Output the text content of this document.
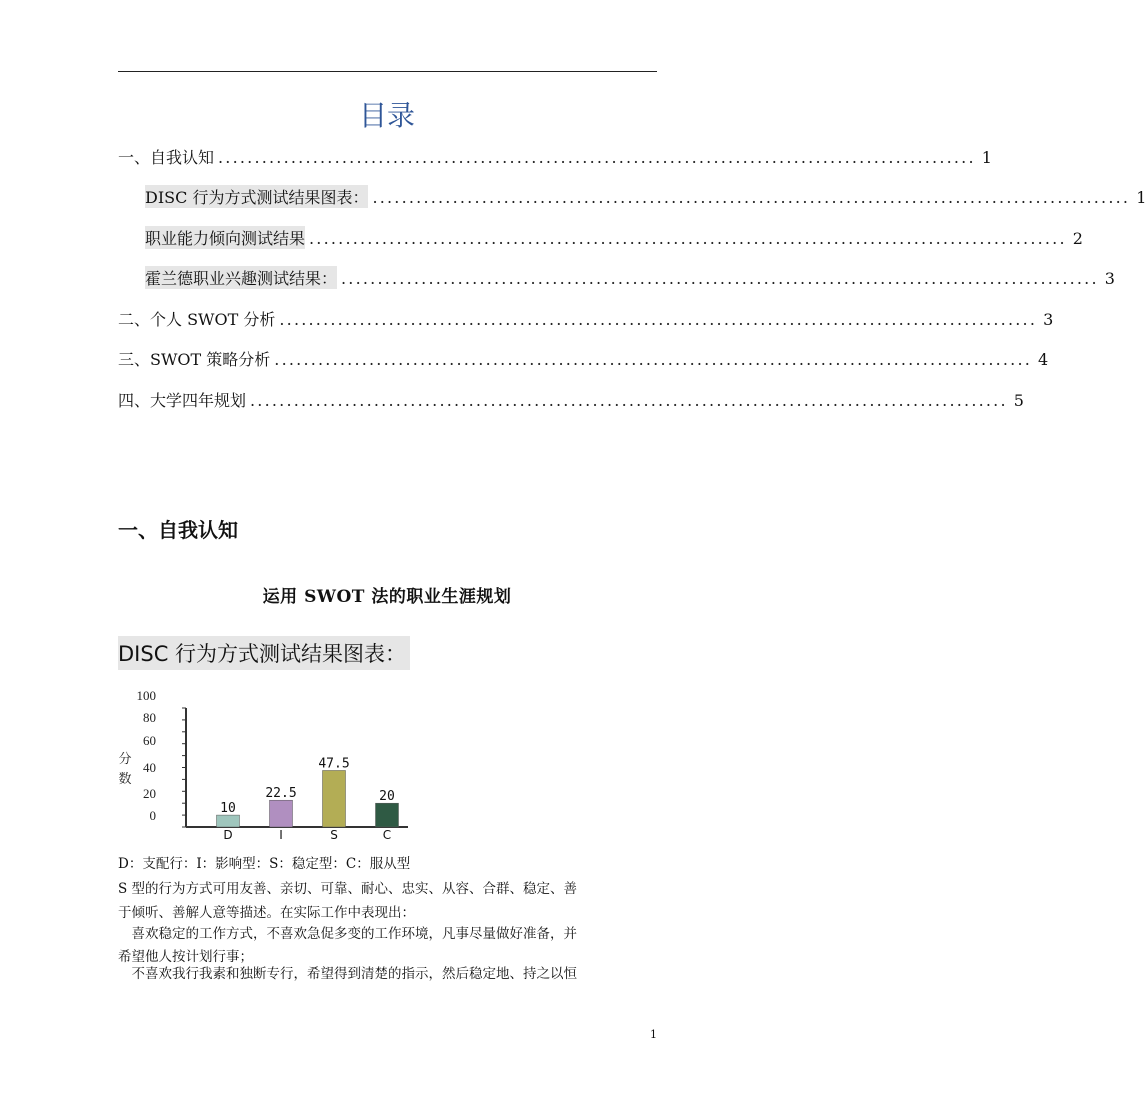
目录
一、自我认知 ........................................................................................................ 1
DISC 行为方式测试结果图表： ........................................................................................................ 1
职业能力倾向测试结果 ........................................................................................................ 2
霍兰德职业兴趣测试结果： ........................................................................................................ 3
二、个人 SWOT 分析 ........................................................................................................ 3
三、SWOT 策略分析 ........................................................................................................ 4
四、大学四年规划 ........................................................................................................ 5
一、自我认知
运用 SWOT 法的职业生涯规划
DISC 行为方式测试结果图表：
100
80
60
40
20
0
分
数
10
D
22.5
I
47.5
S
20
C
D：支配行：I：影响型：S：稳定型：C：服从型
S 型的行为方式可用友善、亲切、可靠、耐心、忠实、从容、合群、稳定、善
于倾听、善解人意等描述。在实际工作中表现出：
　喜欢稳定的工作方式，不喜欢急促多变的工作环境，凡事尽量做好准备，并
希望他人按计划行事；
　不喜欢我行我素和独断专行，希望得到清楚的指示，然后稳定地、持之以恒
1
